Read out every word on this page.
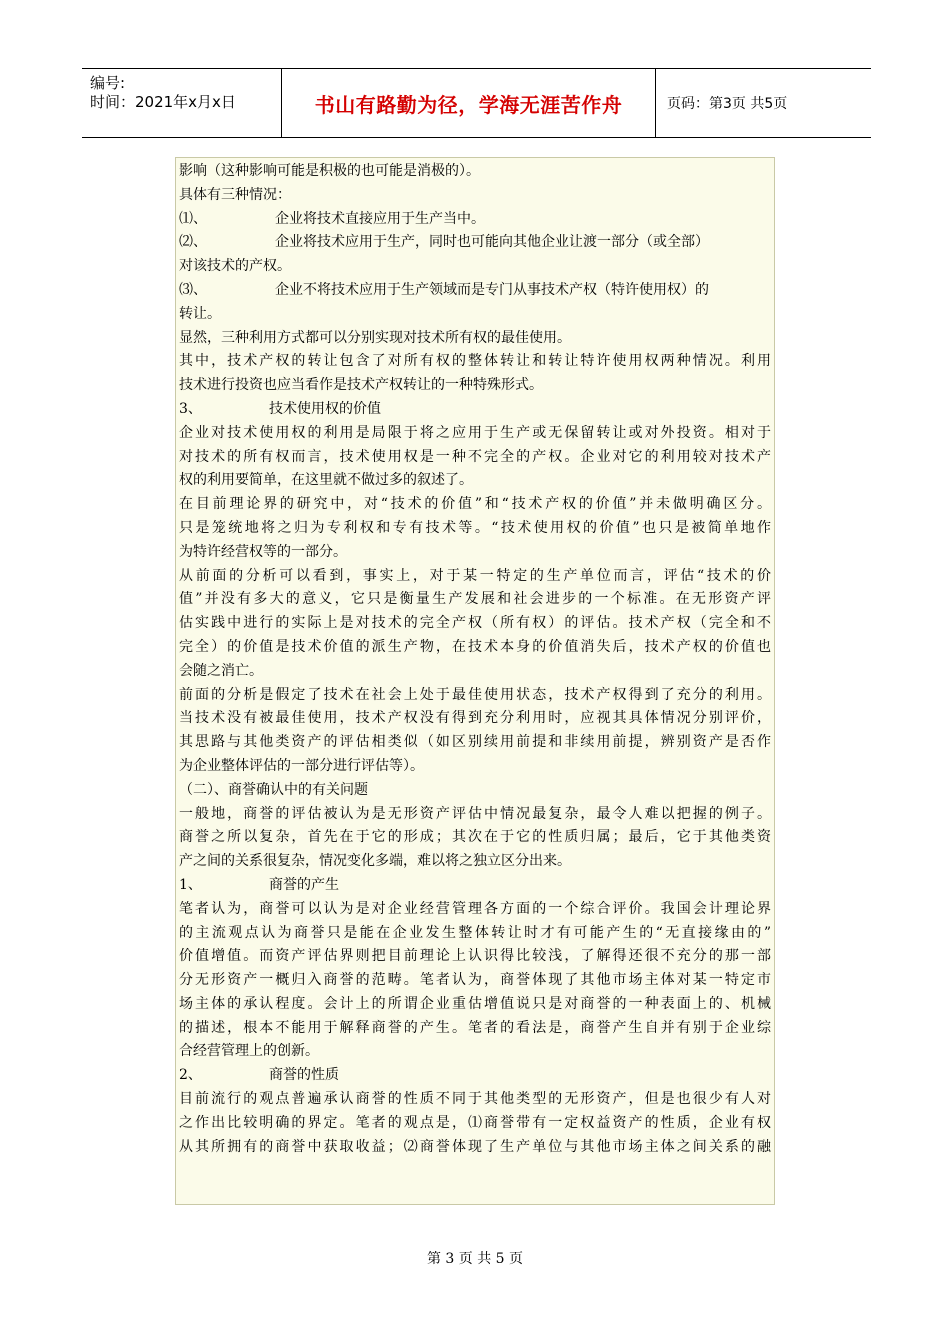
编号:
时间：2021年x月x日	书山有路勤为径，学海无涯苦作舟	页码：第3页 共5页
影响（这种影响可能是积极的也可能是消极的）。
具体有三种情况：
⑴、	企业将技术直接应用于生产当中。
⑵、	企业将技术应用于生产，同时也可能向其他企业让渡一部分（或全部）
对该技术的产权。
⑶、	企业不将技术应用于生产领域而是专门从事技术产权（特许使用权）的
转让。
显然，三种利用方式都可以分别实现对技术所有权的最佳使用。
其中，技术产权的转让包含了对所有权的整体转让和转让特许使用权两种情况。利用
技术进行投资也应当看作是技术产权转让的一种特殊形式。
3、	技术使用权的价值
企业对技术使用权的利用是局限于将之应用于生产或无保留转让或对外投资。相对于
对技术的所有权而言，技术使用权是一种不完全的产权。企业对它的利用较对技术产
权的利用要简单，在这里就不做过多的叙述了。
在目前理论界的研究中，对“技术的价值”和“技术产权的价值”并未做明确区分。
只是笼统地将之归为专利权和专有技术等。“技术使用权的价值”也只是被简单地作
为特许经营权等的一部分。
从前面的分析可以看到，事实上，对于某一特定的生产单位而言，评估“技术的价
值”并没有多大的意义，它只是衡量生产发展和社会进步的一个标准。在无形资产评
估实践中进行的实际上是对技术的完全产权（所有权）的评估。技术产权（完全和不
完全）的价值是技术价值的派生产物，在技术本身的价值消失后，技术产权的价值也
会随之消亡。
前面的分析是假定了技术在社会上处于最佳使用状态，技术产权得到了充分的利用。
当技术没有被最佳使用，技术产权没有得到充分利用时，应视其具体情况分别评价，
其思路与其他类资产的评估相类似（如区别续用前提和非续用前提，辨别资产是否作
为企业整体评估的一部分进行评估等）。
（二）、商誉确认中的有关问题
一般地，商誉的评估被认为是无形资产评估中情况最复杂，最令人难以把握的例子。
商誉之所以复杂，首先在于它的形成；其次在于它的性质归属；最后，它于其他类资
产之间的关系很复杂，情况变化多端，难以将之独立区分出来。
1、	商誉的产生
笔者认为，商誉可以认为是对企业经营管理各方面的一个综合评价。我国会计理论界
的主流观点认为商誉只是能在企业发生整体转让时才有可能产生的“无直接缘由的”
价值增值。而资产评估界则把目前理论上认识得比较浅，了解得还很不充分的那一部
分无形资产一概归入商誉的范畴。笔者认为，商誉体现了其他市场主体对某一特定市
场主体的承认程度。会计上的所谓企业重估增值说只是对商誉的一种表面上的、机械
的描述，根本不能用于解释商誉的产生。笔者的看法是，商誉产生自并有别于企业综
合经营管理上的创新。
2、	商誉的性质
目前流行的观点普遍承认商誉的性质不同于其他类型的无形资产，但是也很少有人对
之作出比较明确的界定。笔者的观点是，⑴商誉带有一定权益资产的性质，企业有权
从其所拥有的商誉中获取收益；⑵商誉体现了生产单位与其他市场主体之间关系的融
第 3 页 共 5 页
